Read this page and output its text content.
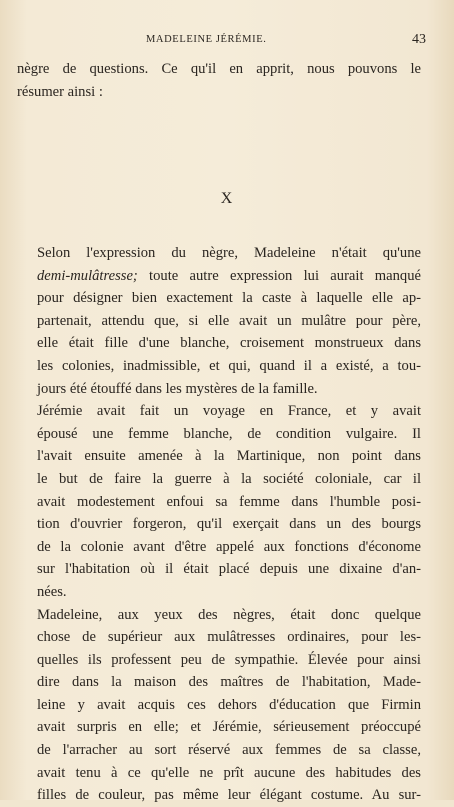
MADELEINE JÉRÉMIE.	43

nègre de questions. Ce qu'il en apprit, nous pouvons le
résumer ainsi :

X

Selon l'expression du nègre, Madeleine n'était qu'une
demi-mulâtresse; toute autre expression lui aurait manqué
pour désigner bien exactement la caste à laquelle elle ap-
partenait, attendu que, si elle avait un mulâtre pour père,
elle était fille d'une blanche, croisement monstrueux dans
les colonies, inadmissible, et qui, quand il a existé, a tou-
jours été étouffé dans les mystères de la famille.

Jérémie avait fait un voyage en France, et y avait
épousé une femme blanche, de condition vulgaire. Il
l'avait ensuite amenée à la Martinique, non point dans
le but de faire la guerre à la société coloniale, car il
avait modestement enfoui sa femme dans l'humble posi-
tion d'ouvrier forgeron, qu'il exerçait dans un des bourgs
de la colonie avant d'être appelé aux fonctions d'économe
sur l'habitation où il était placé depuis une dixaine d'an-
nées.

Madeleine, aux yeux des nègres, était donc quelque
chose de supérieur aux mulâtresses ordinaires, pour les-
quelles ils professent peu de sympathie. Élevée pour ainsi
dire dans la maison des maîtres de l'habitation, Made-
leine y avait acquis ces dehors d'éducation que Firmin
avait surpris en elle; et Jérémie, sérieusement préoccupé
de l'arracher au sort réservé aux femmes de sa classe,
avait tenu à ce qu'elle ne prît aucune des habitudes des
filles de couleur, pas même leur élégant costume. Au sur-
